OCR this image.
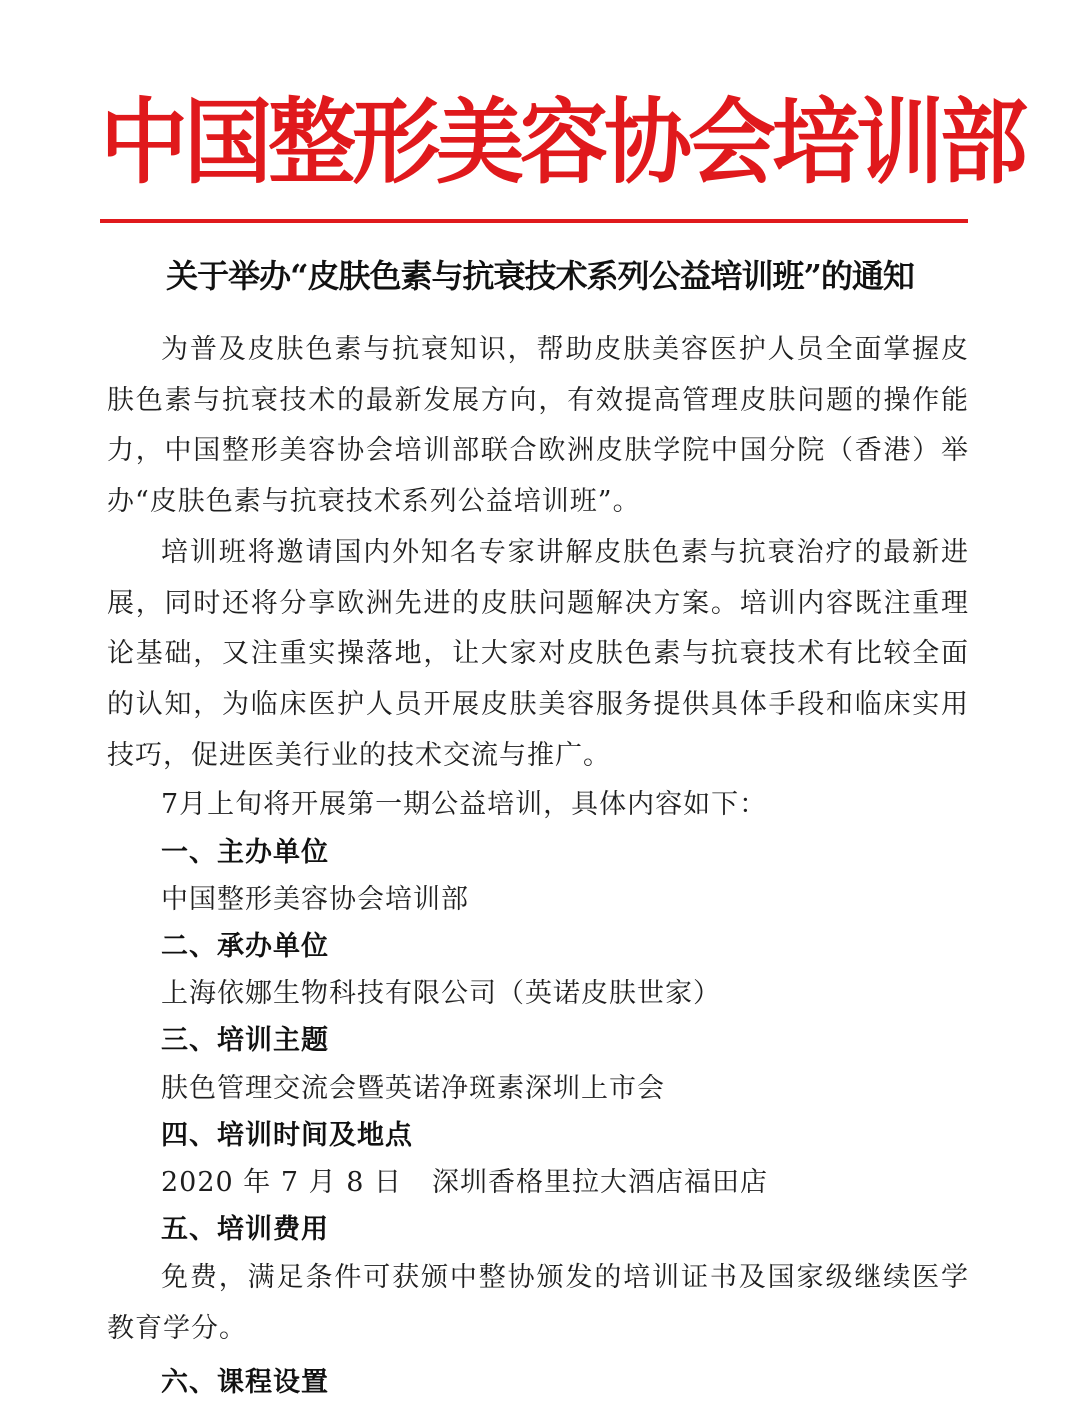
中国整形美容协会培训部
关于举办“皮肤色素与抗衰技术系列公益培训班”的通知

为普及皮肤色素与抗衰知识，帮助皮肤美容医护人员全面掌握皮肤色素与抗衰技术的最新发展方向，有效提高管理皮肤问题的操作能力，中国整形美容协会培训部联合欧洲皮肤学院中国分院（香港）举办“皮肤色素与抗衰技术系列公益培训班”。

培训班将邀请国内外知名专家讲解皮肤色素与抗衰治疗的最新进展，同时还将分享欧洲先进的皮肤问题解决方案。培训内容既注重理论基础，又注重实操落地，让大家对皮肤色素与抗衰技术有比较全面的认知，为临床医护人员开展皮肤美容服务提供具体手段和临床实用技巧，促进医美行业的技术交流与推广。

7月上旬将开展第一期公益培训，具体内容如下：

一、主办单位

中国整形美容协会培训部

二、承办单位

上海依娜生物科技有限公司（英诺皮肤世家）

三、培训主题

肤色管理交流会暨英诺净斑素深圳上市会

四、培训时间及地点

2020 年 7 月 8 日 深圳香格里拉大酒店福田店

五、培训费用

免费，满足条件可获颁中整协颁发的培训证书及国家级继续医学教育学分。

六、课程设置
